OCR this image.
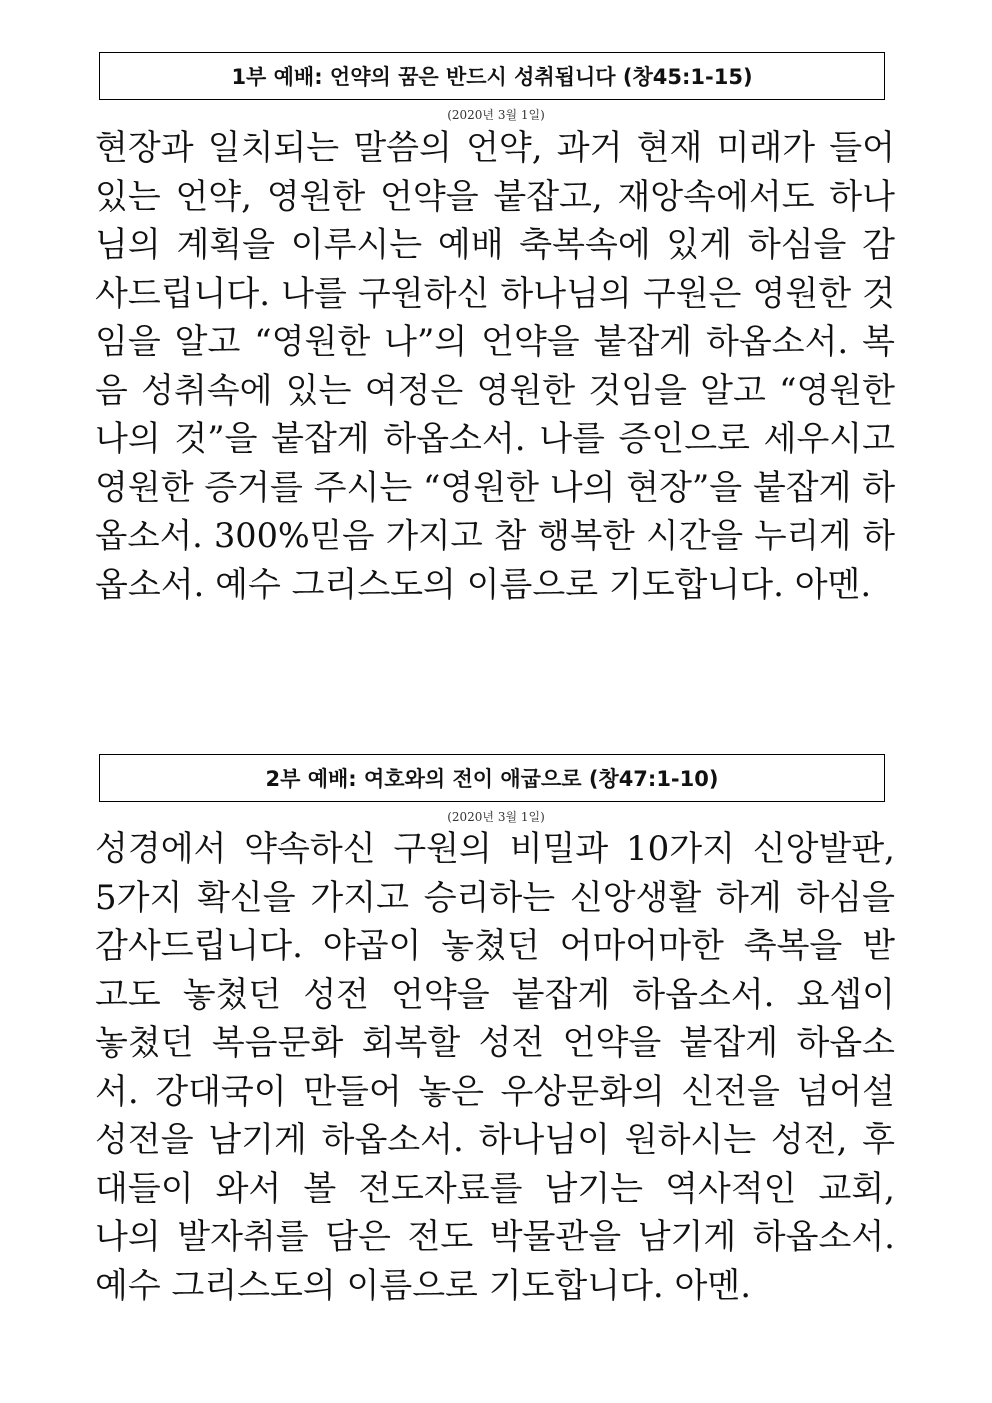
1부 예배: 언약의 꿈은 반드시 성취됩니다 (창45:1-15)
(2020년 3월 1일)
현장과 일치되는 말씀의 언약, 과거 현재 미래가 들어
있는 언약, 영원한 언약을 붙잡고, 재앙속에서도 하나
님의 계획을 이루시는 예배 축복속에 있게 하심을 감
사드립니다. 나를 구원하신 하나님의 구원은 영원한 것
임을 알고 “영원한 나”의 언약을 붙잡게 하옵소서. 복
음 성취속에 있는 여정은 영원한 것임을 알고 “영원한
나의 것”을 붙잡게 하옵소서. 나를 증인으로 세우시고
영원한 증거를 주시는 “영원한 나의 현장”을 붙잡게 하
옵소서. 300%믿음 가지고 참 행복한 시간을 누리게 하
옵소서. 예수 그리스도의 이름으로 기도합니다. 아멘.
2부 예배: 여호와의 전이 애굽으로 (창47:1-10)
(2020년 3월 1일)
성경에서 약속하신 구원의 비밀과 10가지 신앙발판,
5가지 확신을 가지고 승리하는 신앙생활 하게 하심을
감사드립니다. 야곱이 놓쳤던 어마어마한 축복을 받
고도 놓쳤던 성전 언약을 붙잡게 하옵소서. 요셉이
놓쳤던 복음문화 회복할 성전 언약을 붙잡게 하옵소
서. 강대국이 만들어 놓은 우상문화의 신전을 넘어설
성전을 남기게 하옵소서. 하나님이 원하시는 성전, 후
대들이 와서 볼 전도자료를 남기는 역사적인 교회,
나의 발자취를 담은 전도 박물관을 남기게 하옵소서.
예수 그리스도의 이름으로 기도합니다. 아멘.
